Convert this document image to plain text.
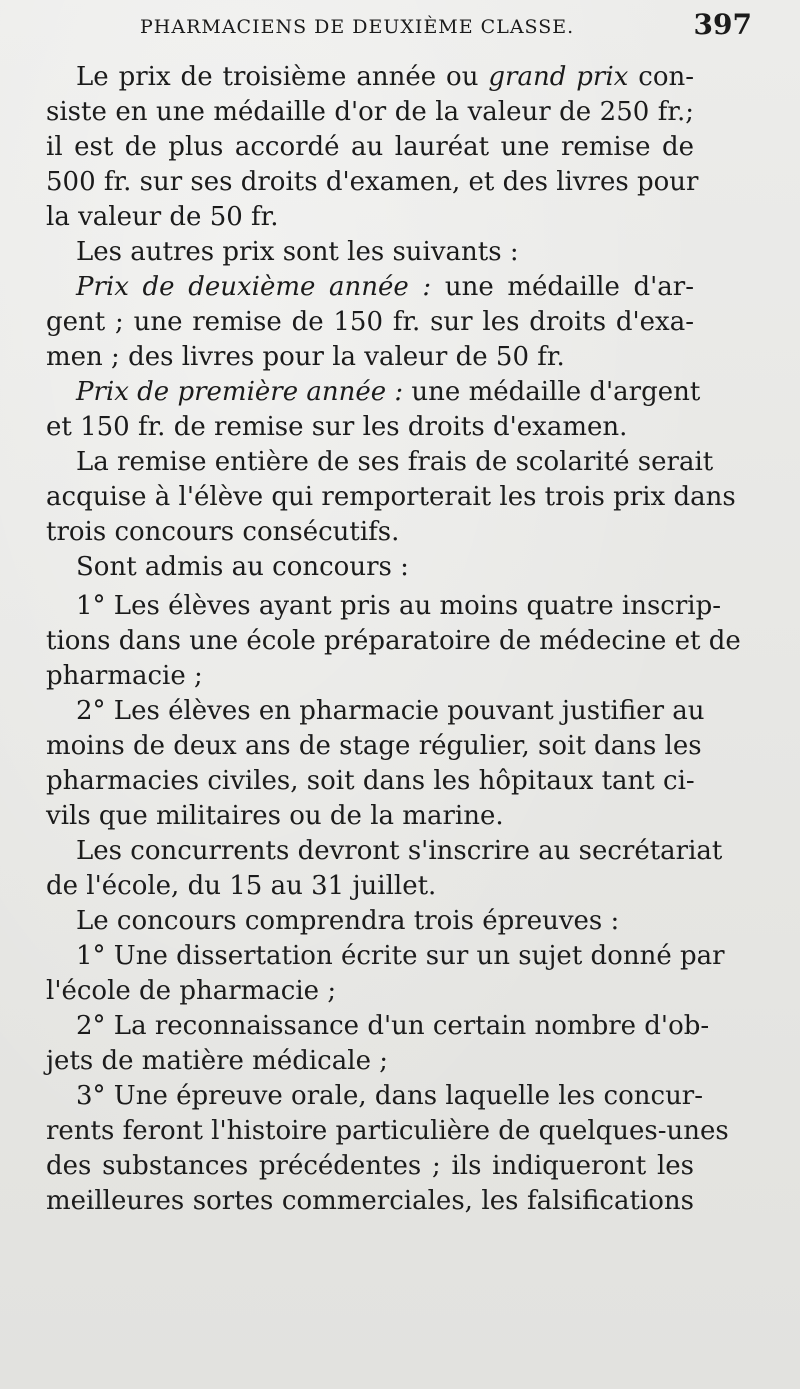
PHARMACIENS DE DEUXIÈME CLASSE.	397
Le prix de troisième année ou grand prix con-
siste en une médaille d'or de la valeur de 250 fr.;
il est de plus accordé au lauréat une remise de
500 fr. sur ses droits d'examen, et des livres pour
la valeur de 50 fr.
Les autres prix sont les suivants :
Prix de deuxième année : une médaille d'ar-
gent ; une remise de 150 fr. sur les droits d'exa-
men ; des livres pour la valeur de 50 fr.
Prix de première année : une médaille d'argent
et 150 fr. de remise sur les droits d'examen.
La remise entière de ses frais de scolarité serait
acquise à l'élève qui remporterait les trois prix dans
trois concours consécutifs.
Sont admis au concours :
1° Les élèves ayant pris au moins quatre inscrip-
tions dans une école préparatoire de médecine et de
pharmacie ;
2° Les élèves en pharmacie pouvant justifier au
moins de deux ans de stage régulier, soit dans les
pharmacies civiles, soit dans les hôpitaux tant ci-
vils que militaires ou de la marine.
Les concurrents devront s'inscrire au secrétariat
de l'école, du 15 au 31 juillet.
Le concours comprendra trois épreuves :
1° Une dissertation écrite sur un sujet donné par
l'école de pharmacie ;
2° La reconnaissance d'un certain nombre d'ob-
jets de matière médicale ;
3° Une épreuve orale, dans laquelle les concur-
rents feront l'histoire particulière de quelques-unes
des substances précédentes ; ils indiqueront les
meilleures sortes commerciales, les falsifications
